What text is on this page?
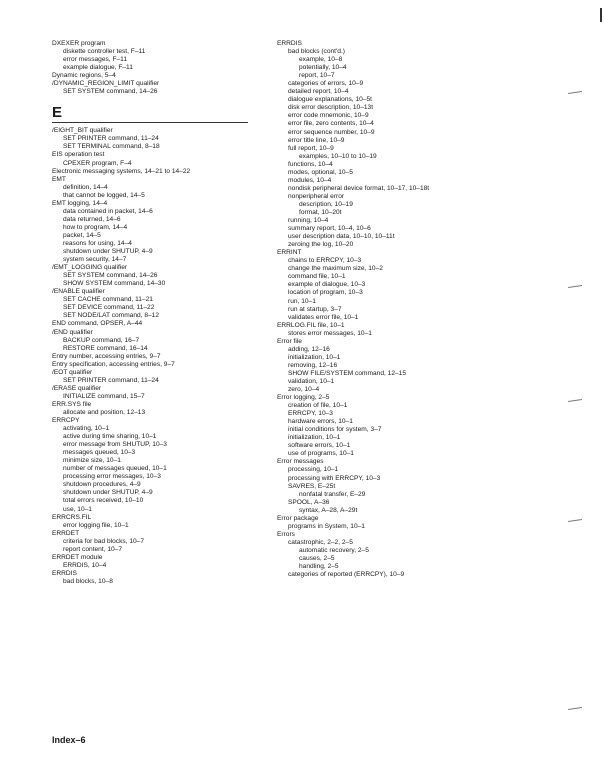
DXEXER program
diskette controller test, F–11
error messages, F–11
example dialogue, F–11
Dynamic regions, 5–4
/DYNAMIC_REGION_LIMIT qualifier
SET SYSTEM command, 14–26
E
/EIGHT_BIT qualifier
SET PRINTER command, 11–24
SET TERMINAL command, 8–18
EIS operation test
CPEXER program, F–4
Electronic messaging systems, 14–21 to 14–22
EMT
definition, 14–4
that cannot be logged, 14–5
EMT logging, 14–4
data contained in packet, 14–6
data returned, 14–6
how to program, 14–4
packet, 14–5
reasons for using, 14–4
shutdown under SHUTUP, 4–9
system security, 14–7
/EMT_LOGGING qualifier
SET SYSTEM command, 14–26
SHOW SYSTEM command, 14–30
/ENABLE qualifier
SET CACHE command, 11–21
SET DEVICE command, 11–22
SET NODE/LAT command, 8–12
END command, OPSER, A–44
/END qualifier
BACKUP command, 16–7
RESTORE command, 16–14
Entry number, accessing entries, 9–7
Entry specification, accessing entries, 9–7
/EOT qualifier
SET PRINTER command, 11–24
/ERASE qualifier
INITIALIZE command, 15–7
ERR.SYS file
allocate and position, 12–13
ERRCPY
activating, 10–1
active during time sharing, 10–1
error message from SHUTUP, 10–3
messages queued, 10–3
minimize size, 10–1
number of messages queued, 10–1
processing error messages, 10–3
shutdown procedures, 4–9
shutdown under SHUTUP, 4–9
total errors received, 10–10
use, 10–1
ERRCRS.FIL
error logging file, 10–1
ERRDET
criteria for bad blocks, 10–7
report content, 10–7
ERRDET module
ERRDIS, 10–4
ERRDIS
bad blocks, 10–8
ERRDIS
bad blocks (cont'd.)
example, 10–8
potentially, 10–4
report, 10–7
categories of errors, 10–9
detailed report, 10–4
dialogue explanations, 10–5t
disk error description, 10–13t
error code mnemonic, 10–9
error file, zero contents, 10–4
error sequence number, 10–9
error title line, 10–9
full report, 10–9
examples, 10–10 to 10–19
functions, 10–4
modes, optional, 10–5
modules, 10–4
nondisk peripheral device format, 10–17, 10–18t
nonperipheral error
description, 10–19
format, 10–20t
running, 10–4
summary report, 10–4, 10–6
user description data, 10–10, 10–11t
zeroing the log, 10–20
ERRINT
chains to ERRCPY, 10–3
change the maximum size, 10–2
command file, 10–1
example of dialogue, 10–3
location of program, 10–3
run, 10–1
run at startup, 3–7
validates error file, 10–1
ERRLOG.FIL file, 10–1
stores error messages, 10–1
Error file
adding, 12–16
initialization, 10–1
removing, 12–16
SHOW FILE/SYSTEM command, 12–15
validation, 10–1
zero, 10–4
Error logging, 2–5
creation of file, 10–1
ERRCPY, 10–3
hardware errors, 10–1
initial conditions for system, 3–7
initialization, 10–1
software errors, 10–1
use of programs, 10–1
Error messages
processing, 10–1
processing with ERRCPY, 10–3
SAVRES, E–25t
nonfatal transfer, E–29
SPOOL, A–36
syntax, A–28, A–29t
Error package
programs in System, 10–1
Errors
catastrophic, 2–2, 2–5
automatic recovery, 2–5
causes, 2–5
handling, 2–5
categories of reported (ERRCPY), 10–9
Index–6
